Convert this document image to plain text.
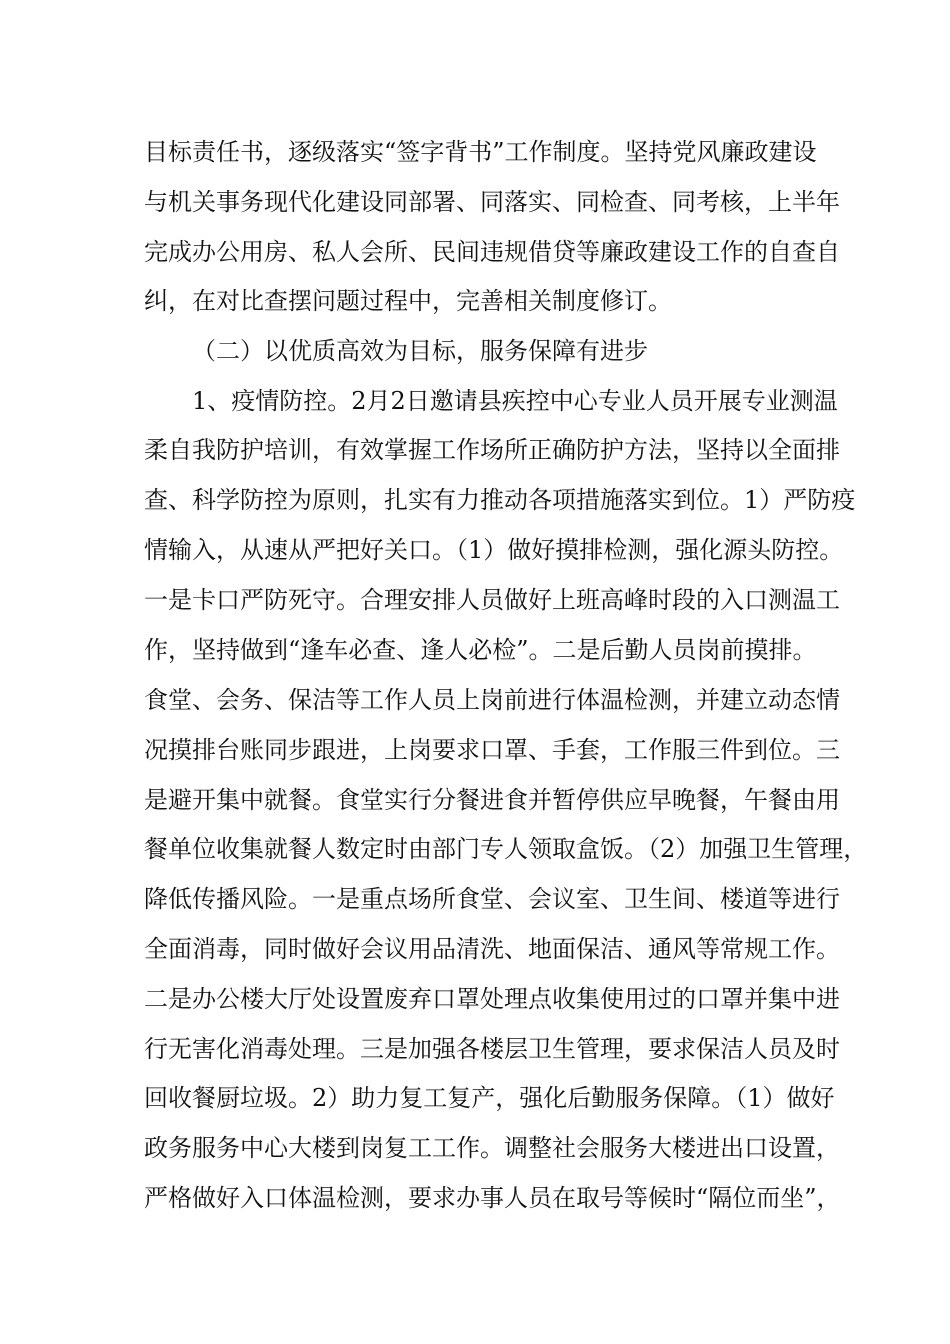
目标责任书，逐级落实“签字背书”工作制度。坚持党风廉政建设
与机关事务现代化建设同部署、同落实、同检查、同考核，上半年
完成办公用房、私人会所、民间违规借贷等廉政建设工作的自查自
纠，在对比查摆问题过程中，完善相关制度修订。
（二）以优质高效为目标，服务保障有进步
1、疫情防控。2月2日邀请县疾控中心专业人员开展专业测温
柔自我防护培训，有效掌握工作场所正确防护方法，坚持以全面排
查、科学防控为原则，扎实有力推动各项措施落实到位。1）严防疫
情输入，从速从严把好关口。（1）做好摸排检测，强化源头防控。
一是卡口严防死守。合理安排人员做好上班高峰时段的入口测温工
作，坚持做到“逢车必查、逢人必检”。二是后勤人员岗前摸排。
食堂、会务、保洁等工作人员上岗前进行体温检测，并建立动态情
况摸排台账同步跟进，上岗要求口罩、手套，工作服三件到位。三
是避开集中就餐。食堂实行分餐进食并暂停供应早晚餐，午餐由用
餐单位收集就餐人数定时由部门专人领取盒饭。（2）加强卫生管理，
降低传播风险。一是重点场所食堂、会议室、卫生间、楼道等进行
全面消毒，同时做好会议用品清洗、地面保洁、通风等常规工作。
二是办公楼大厅处设置废弃口罩处理点收集使用过的口罩并集中进
行无害化消毒处理。三是加强各楼层卫生管理，要求保洁人员及时
回收餐厨垃圾。2）助力复工复产，强化后勤服务保障。（1）做好
政务服务中心大楼到岗复工工作。调整社会服务大楼进出口设置，
严格做好入口体温检测，要求办事人员在取号等候时“隔位而坐”，
